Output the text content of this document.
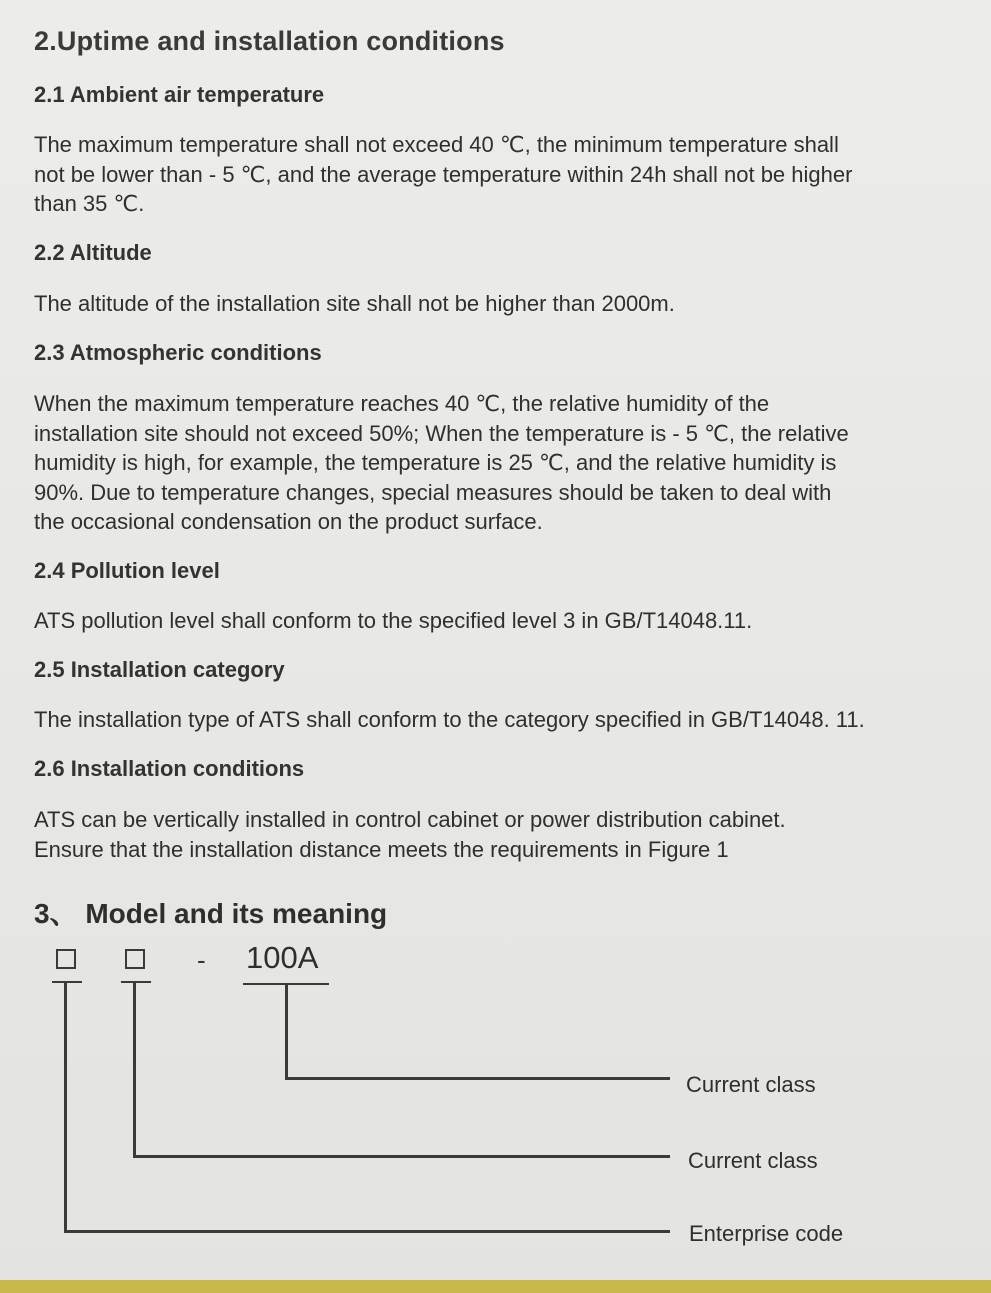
2.Uptime and installation conditions
2.1 Ambient air temperature
The maximum temperature shall not exceed 40 ℃, the minimum temperature shall
not be lower than - 5 ℃, and the average temperature within 24h shall not be higher
than 35 ℃.
2.2 Altitude
The altitude of the installation site shall not be higher than 2000m.
2.3 Atmospheric conditions
When the maximum temperature reaches 40 ℃, the relative humidity of the
installation site should not exceed 50%; When the temperature is - 5 ℃, the relative
humidity is high, for example, the temperature is 25 ℃, and the relative humidity is
90%. Due to temperature changes, special measures should be taken to deal with
the occasional condensation on the product surface.
2.4 Pollution level
ATS pollution level shall conform to the specified level 3 in GB/T14048.11.
2.5 Installation category
The installation type of ATS shall conform to the category specified in GB/T14048. 11.
2.6 Installation conditions
ATS can be vertically installed in control cabinet or power distribution cabinet.
Ensure that the installation distance meets the requirements in Figure 1
3、 Model and its meaning
- 100A
Current class
Current class
Enterprise code
